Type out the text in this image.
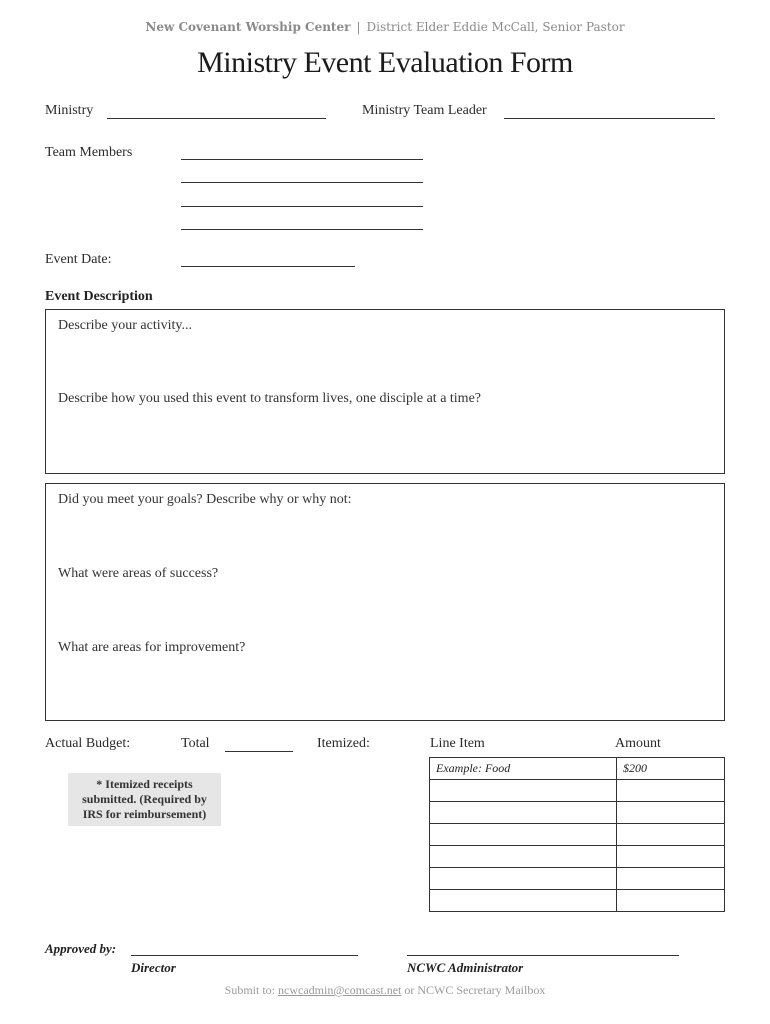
New Covenant Worship Center | District Elder Eddie McCall, Senior Pastor
Ministry Event Evaluation Form
Ministry	Ministry Team Leader
Team Members
Event Date:
Event Description
Describe your activity...
Describe how you used this event to transform lives, one disciple at a time?
Did you meet your goals? Describe why or why not:
What were areas of success?
What are areas for improvement?
Actual Budget:	Total	Itemized:	Line Item	Amount
* Itemized receipts submitted. (Required by IRS for reimbursement)
Example: Food	$200

Approved by:
Director	NCWC Administrator
Submit to: ncwcadmin@comcast.net or NCWC Secretary Mailbox
